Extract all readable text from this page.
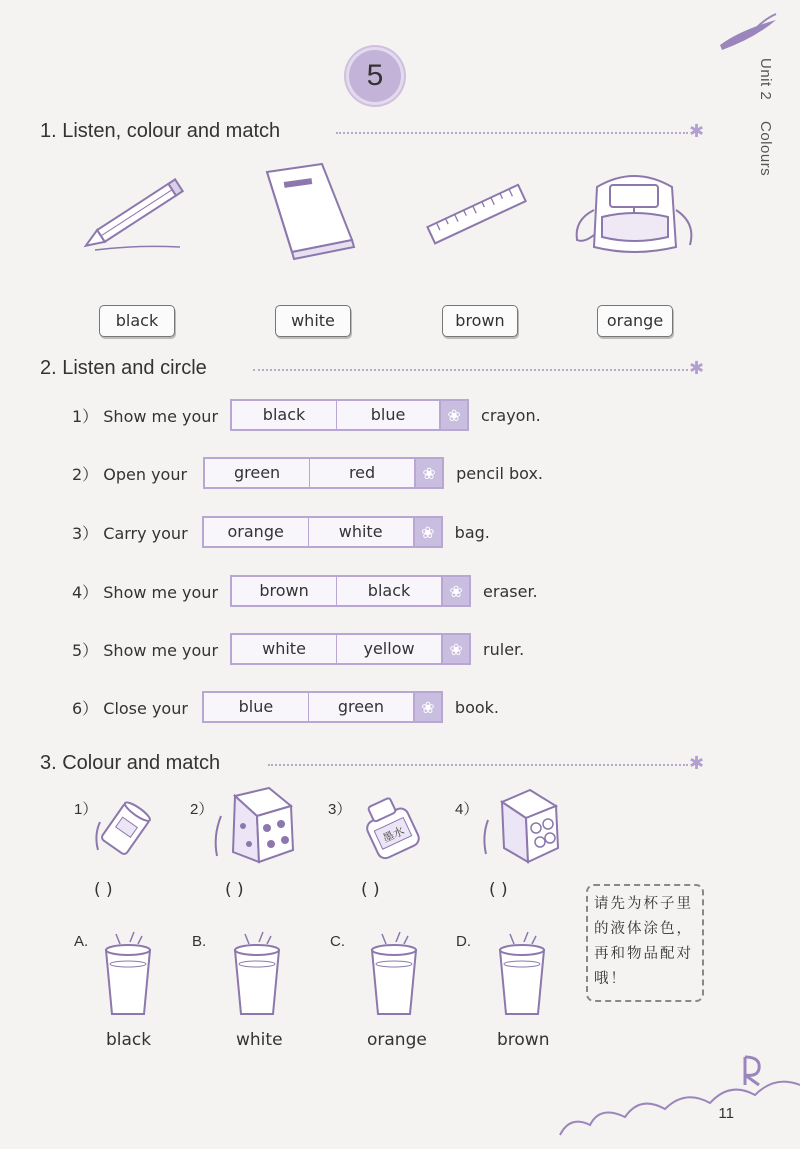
5	Unit 2 Colours
1. Listen, colour and match	✱
black	white	brown	orange
2. Listen and circle	✱
1） Show me your	black	blue	❀	crayon.
2） Open your	green	red	❀	pencil box.
3） Carry your	orange	white	❀	bag.
4） Show me your	brown	black	❀	eraser.
5） Show me your	white	yellow	❀	ruler.
6） Close your	blue	green	❀	book.
3. Colour and match	✱
1）	2）	3）	4）
墨水
( )	( )	( )	( )
A.	B.	C.	D.
black	white	orange	brown
请先为杯子里的液体涂色，再和物品配对哦！
11
